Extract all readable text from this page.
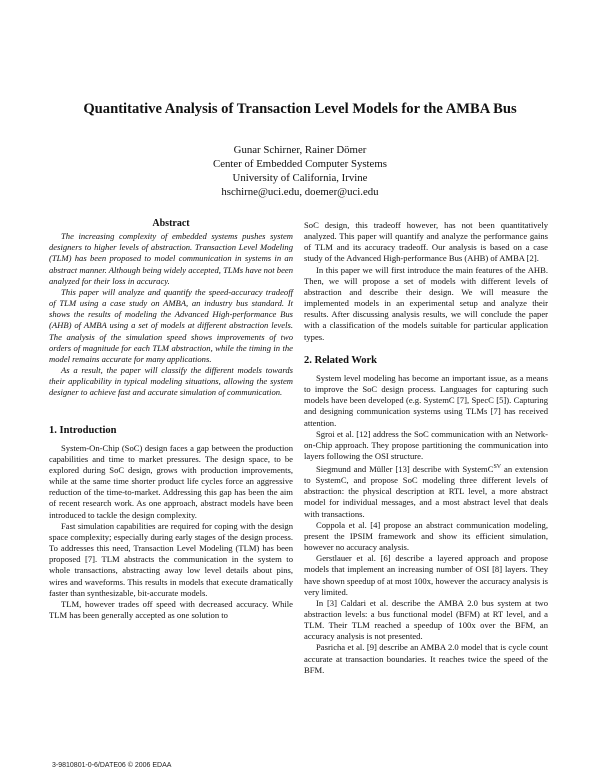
Quantitative Analysis of Transaction Level Models for the AMBA Bus
Gunar Schirner, Rainer Dömer
Center of Embedded Computer Systems
University of California, Irvine
hschirne@uci.edu, doemer@uci.edu
Abstract

The increasing complexity of embedded systems pushes system designers to higher levels of abstraction. Transaction Level Modeling (TLM) has been proposed to model communication in systems in an abstract manner. Although being widely accepted, TLMs have not been analyzed for their loss in accuracy.

This paper will analyze and quantify the speed-accuracy tradeoff of TLM using a case study on AMBA, an industry bus standard. It shows the results of modeling the Advanced High-performance Bus (AHB) of AMBA using a set of models at different abstraction levels. The analysis of the simulation speed shows improvements of two orders of magnitude for each TLM abstraction, while the timing in the model remains accurate for many applications.

As a result, the paper will classify the different models towards their applicability in typical modeling situations, allowing the system designer to achieve fast and accurate simulation of communication.

1. Introduction

System-On-Chip (SoC) design faces a gap between the production capabilities and time to market pressures. The design space, to be explored during SoC design, grows with production improvements, while at the same time shorter product life cycles force an aggressive reduction of the time-to-market. Addressing this gap has been the aim of recent research work. As one approach, abstract models have been introduced to tackle the design complexity.

Fast simulation capabilities are required for coping with the design space complexity; especially during early stages of the design process. To addresses this need, Transaction Level Modeling (TLM) has been proposed [7]. TLM abstracts the communication in the system to whole transactions, abstracting away low level details about pins, wires and waveforms. This results in models that execute dramatically faster than synthesizable, bit-accurate models.

TLM, however trades off speed with decreased accuracy. While TLM has been generally accepted as one solution to

SoC design, this tradeoff however, has not been quantitatively analyzed. This paper will quantify and analyze the performance gains of TLM and its accuracy tradeoff. Our analysis is based on a case study of the Advanced High-performance Bus (AHB) of AMBA [2].

In this paper we will first introduce the main features of the AHB. Then, we will propose a set of models with different levels of abstraction and describe their design. We will measure the implemented models in an experimental setup and analyze their results. After discussing analysis results, we will conclude the paper with a classification of the models suitable for particular application types.

2. Related Work

System level modeling has become an important issue, as a means to improve the SoC design process. Languages for capturing such models have been developed (e.g. SystemC [7], SpecC [5]). Capturing and designing communication systems using TLMs [7] has received attention.

Sgroi et al. [12] address the SoC communication with an Network-on-Chip approach. They propose partitioning the communication into layers following the OSI structure.

Siegmund and Müller [13] describe with SystemC$^{SV}$ an extension to SystemC, and propose SoC modeling three different levels of abstraction: the physical description at RTL level, a more abstract model for individual messages, and a most abstract level that deals with transactions.

Coppola et al. [4] propose an abstract communication modeling, present the IPSIM framework and show its efficient simulation, however no accuracy analysis.

Gerstlauer et al. [6] describe a layered approach and propose models that implement an increasing number of OSI [8] layers. They have shown speedup of at most 100x, however the accuracy analysis is very limited.

In [3] Caldari et al. describe the AMBA 2.0 bus system at two abstraction levels: a bus functional model (BFM) at RT level, and a TLM. Their TLM reached a speedup of 100x over the BFM, an accuracy analysis is not presented.

Pasricha et al. [9] describe an AMBA 2.0 model that is cycle count accurate at transaction boundaries. It reaches twice the speed of the BFM.

3-9810801-0-6/DATE06 © 2006 EDAA
